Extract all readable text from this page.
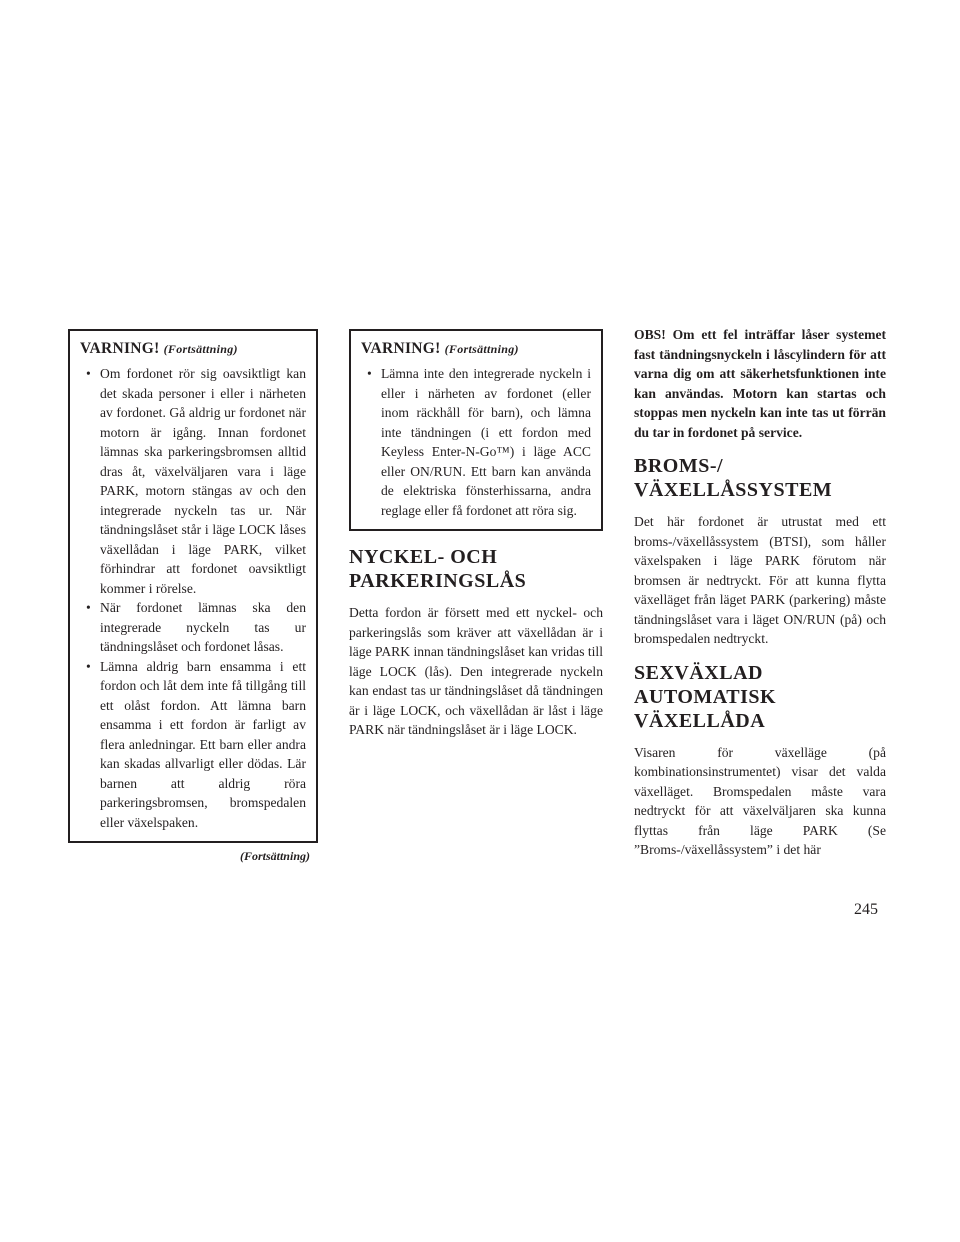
VARNING! (Fortsättning)
• Om fordonet rör sig oavsiktligt kan det skada personer i eller i närheten av fordonet. Gå aldrig ur fordonet när motorn är igång. Innan fordonet lämnas ska parkeringsbromsen alltid dras åt, växelväljaren vara i läge PARK, motorn stängas av och den integrerade nyckeln tas ur. När tändningslåset står i läge LOCK låses växellådan i läge PARK, vilket förhindrar att fordonet oavsiktligt kommer i rörelse.
• När fordonet lämnas ska den integrerade nyckeln tas ur tändningslåset och fordonet låsas.
• Lämna aldrig barn ensamma i ett fordon och låt dem inte få tillgång till ett olåst fordon. Att lämna barn ensamma i ett fordon är farligt av flera anledningar. Ett barn eller andra kan skadas allvarligt eller dödas. Lär barnen att aldrig röra parkeringsbromsen, bromspedalen eller växelspaken.
(Fortsättning)
VARNING! (Fortsättning)
• Lämna inte den integrerade nyckeln i eller i närheten av fordonet (eller inom räckhåll för barn), och lämna inte tändningen (i ett fordon med Keyless Enter-N-Go™) i läge ACC eller ON/RUN. Ett barn kan använda de elektriska fönsterhissarna, andra reglage eller få fordonet att röra sig.
NYCKEL- OCH PARKERINGSLÅS

Detta fordon är försett med ett nyckel- och parkeringslås som kräver att växellådan är i läge PARK innan tändningslåset kan vridas till läge LOCK (lås). Den integrerade nyckeln kan endast tas ur tändningslåset då tändningen är i läge LOCK, och växellådan är låst i läge PARK när tändningslåset är i läge LOCK.

OBS! Om ett fel inträffar låser systemet fast tändningsnyckeln i låscylindern för att varna dig om att säkerhetsfunktionen inte kan användas. Motorn kan startas och stoppas men nyckeln kan inte tas ut förrän du tar in fordonet på service.

BROMS-/ VÄXELLÅSSYSTEM

Det här fordonet är utrustat med ett broms-/växellåssystem (BTSI), som håller växelspaken i läge PARK förutom när bromsen är nedtryckt. För att kunna flytta växelläget från läget PARK (parkering) måste tändningslåset vara i läget ON/RUN (på) och bromspedalen nedtryckt.

SEXVÄXLAD AUTOMATISK VÄXELLÅDA

Visaren för växelläge (på kombinationsinstrumentet) visar det valda växelläget. Bromspedalen måste vara nedtryckt för att växelväljaren ska kunna flyttas från läge PARK (Se ”Broms-/växellåssystem” i det här

245
